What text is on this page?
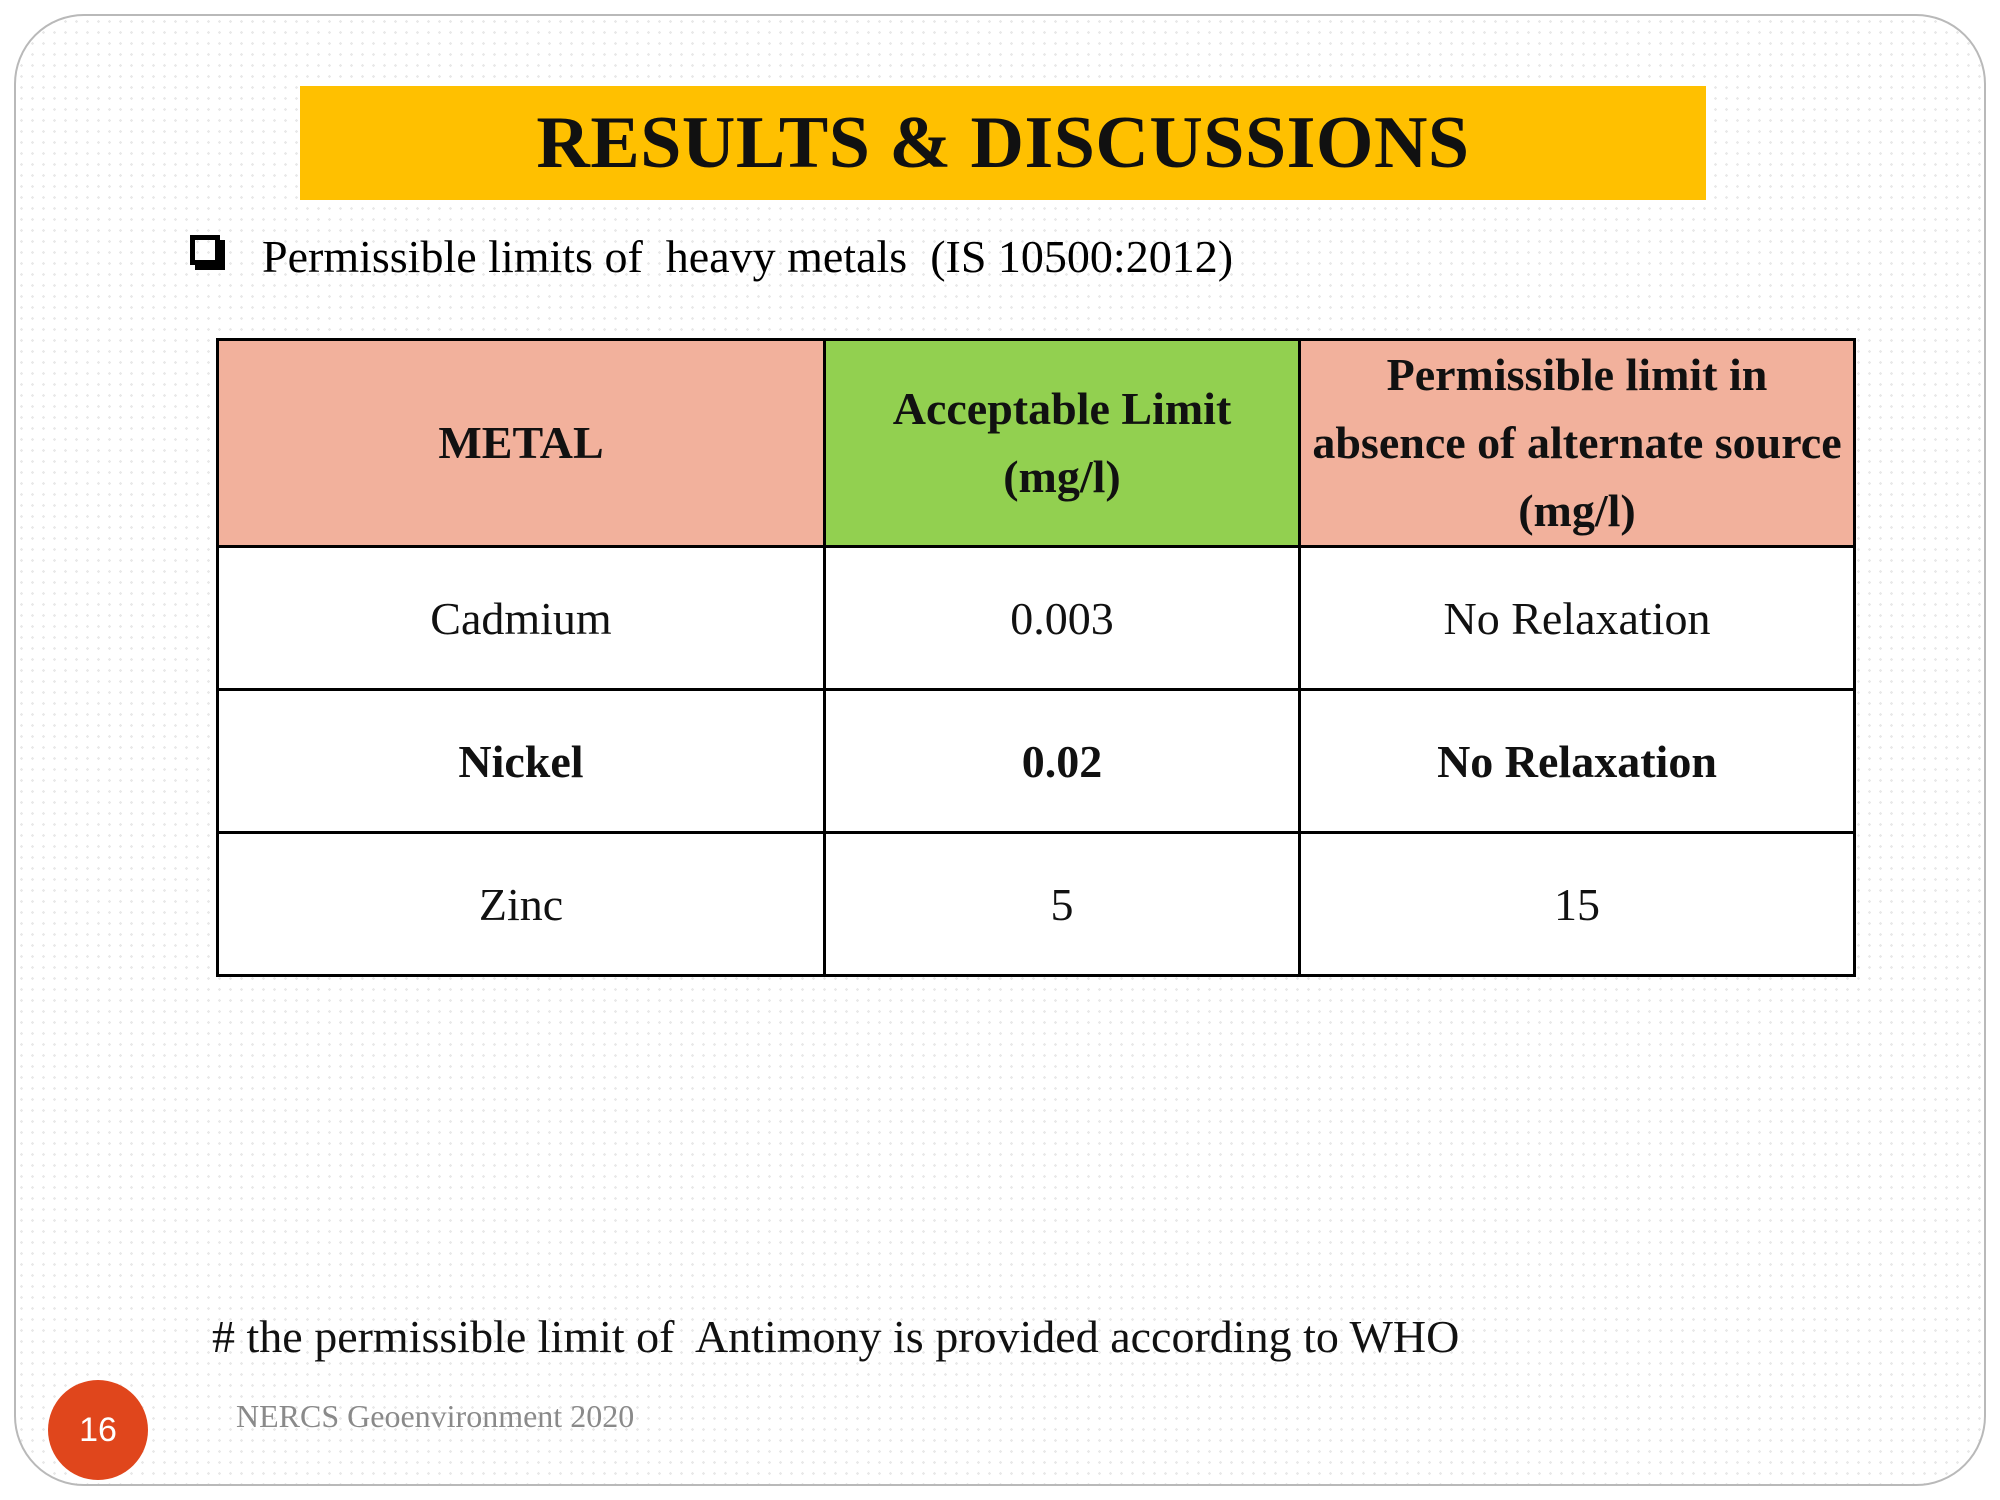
RESULTS & DISCUSSIONS
Permissible limits of  heavy metals  (IS 10500:2012)
METAL	Acceptable Limit (mg/l)	Permissible limit in absence of alternate source (mg/l)
Cadmium	0.003	No Relaxation
Nickel	0.02	No Relaxation
Zinc	5	15
# the permissible limit of  Antimony is provided according to WHO
16	NERCS Geoenvironment 2020
